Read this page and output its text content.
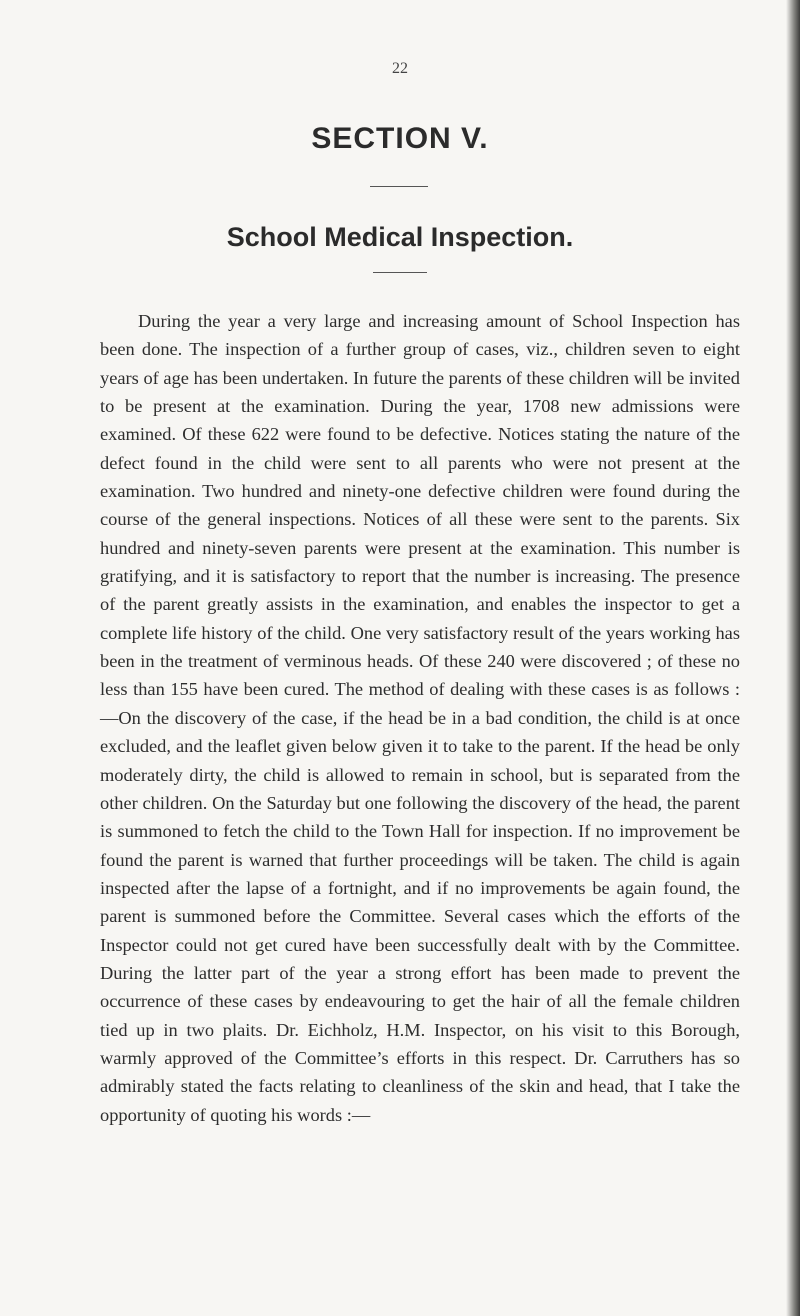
22
SECTION V.
School Medical Inspection.

During the year a very large and increasing amount of School Inspection has been done. The inspection of a further group of cases, viz., children seven to eight years of age has been undertaken. In future the parents of these children will be invited to be present at the examination. During the year, 1708 new admissions were examined. Of these 622 were found to be defective. Notices stating the nature of the defect found in the child were sent to all parents who were not present at the examination. Two hundred and ninety-one defective children were found during the course of the general inspections. Notices of all these were sent to the parents. Six hundred and ninety-seven parents were present at the examination. This number is gratifying, and it is satisfactory to report that the number is increasing. The presence of the parent greatly assists in the examination, and enables the inspector to get a complete life history of the child. One very satisfactory result of the years working has been in the treatment of verminous heads. Of these 240 were discovered ; of these no less than 155 have been cured. The method of dealing with these cases is as follows :—On the discovery of the case, if the head be in a bad condition, the child is at once excluded, and the leaflet given below given it to take to the parent. If the head be only moderately dirty, the child is allowed to remain in school, but is separated from the other children. On the Saturday but one following the discovery of the head, the parent is summoned to fetch the child to the Town Hall for inspection. If no improvement be found the parent is warned that further proceedings will be taken. The child is again inspected after the lapse of a fortnight, and if no improvements be again found, the parent is summoned before the Committee. Several cases which the efforts of the Inspector could not get cured have been successfully dealt with by the Committee. During the latter part of the year a strong effort has been made to prevent the occurrence of these cases by endeavouring to get the hair of all the female children tied up in two plaits. Dr. Eichholz, H.M. Inspector, on his visit to this Borough, warmly approved of the Committee’s efforts in this respect. Dr. Carruthers has so admirably stated the facts relating to cleanliness of the skin and head, that I take the opportunity of quoting his words :—
